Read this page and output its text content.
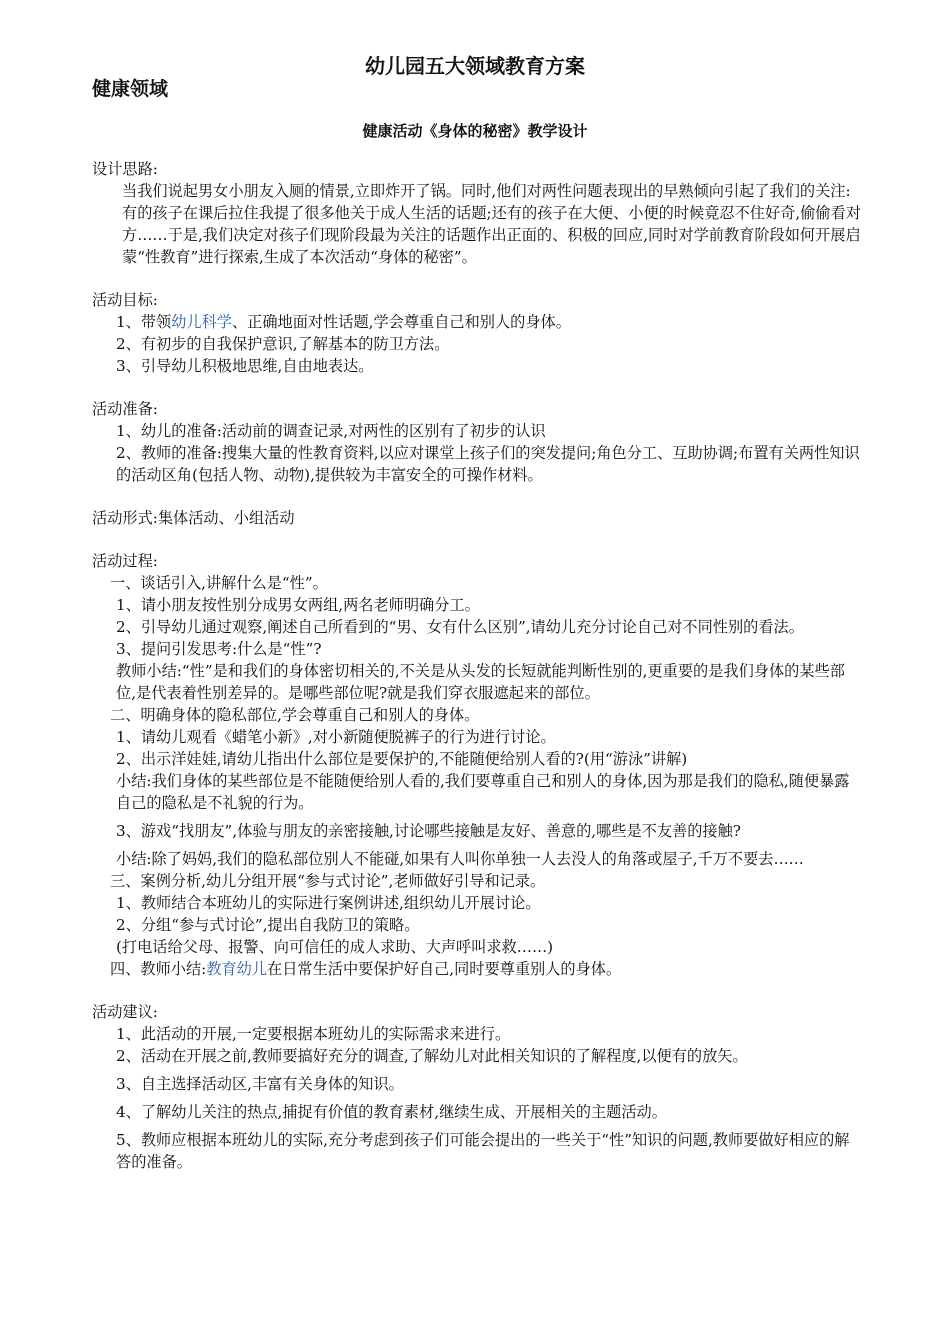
幼儿园五大领域教育方案
健康领域
健康活动《身体的秘密》教学设计

设计思路:

当我们说起男女小朋友入厕的情景,立即炸开了锅。同时,他们对两性问题表现出的早熟倾向引起了我们的关注:有的孩子在课后拉住我提了很多他关于成人生活的话题;还有的孩子在大便、小便的时候竟忍不住好奇,偷偷看对方……于是,我们决定对孩子们现阶段最为关注的话题作出正面的、积极的回应,同时对学前教育阶段如何开展启蒙“性教育”进行探索,生成了本次活动“身体的秘密”。

活动目标:

1、带领幼儿科学、正确地面对性话题,学会尊重自己和别人的身体。

2、有初步的自我保护意识,了解基本的防卫方法。

3、引导幼儿积极地思维,自由地表达。

活动准备:

1、幼儿的准备:活动前的调查记录,对两性的区别有了初步的认识

2、教师的准备:搜集大量的性教育资料,以应对课堂上孩子们的突发提问;角色分工、互助协调;布置有关两性知识的活动区角(包括人物、动物),提供较为丰富安全的可操作材料。

活动形式:集体活动、小组活动

活动过程:

一、谈话引入,讲解什么是“性”。

1、请小朋友按性别分成男女两组,两名老师明确分工。

2、引导幼儿通过观察,阐述自己所看到的“男、女有什么区别”,请幼儿充分讨论自己对不同性别的看法。

3、提问引发思考:什么是“性”?

教师小结:“性”是和我们的身体密切相关的,不关是从头发的长短就能判断性别的,更重要的是我们身体的某些部位,是代表着性别差异的。是哪些部位呢?就是我们穿衣服遮起来的部位。

二、明确身体的隐私部位,学会尊重自己和别人的身体。

1、请幼儿观看《蜡笔小新》,对小新随便脱裤子的行为进行讨论。

2、出示洋娃娃,请幼儿指出什么部位是要保护的,不能随便给别人看的?(用“游泳”讲解)

小结:我们身体的某些部位是不能随便给别人看的,我们要尊重自己和别人的身体,因为那是我们的隐私,随便暴露自己的隐私是不礼貌的行为。

3、游戏“找朋友”,体验与朋友的亲密接触,讨论哪些接触是友好、善意的,哪些是不友善的接触?

小结:除了妈妈,我们的隐私部位别人不能碰,如果有人叫你单独一人去没人的角落或屋子,千万不要去……

三、案例分析,幼儿分组开展“参与式讨论”,老师做好引导和记录。

1、教师结合本班幼儿的实际进行案例讲述,组织幼儿开展讨论。

2、分组“参与式讨论”,提出自我防卫的策略。

(打电话给父母、报警、向可信任的成人求助、大声呼叫求救……)

四、教师小结:教育幼儿在日常生活中要保护好自己,同时要尊重别人的身体。

活动建议:

1、此活动的开展,一定要根据本班幼儿的实际需求来进行。

2、活动在开展之前,教师要搞好充分的调查,了解幼儿对此相关知识的了解程度,以便有的放矢。

3、自主选择活动区,丰富有关身体的知识。

4、了解幼儿关注的热点,捕捉有价值的教育素材,继续生成、开展相关的主题活动。

5、教师应根据本班幼儿的实际,充分考虑到孩子们可能会提出的一些关于“性”知识的问题,教师要做好相应的解答的准备。
